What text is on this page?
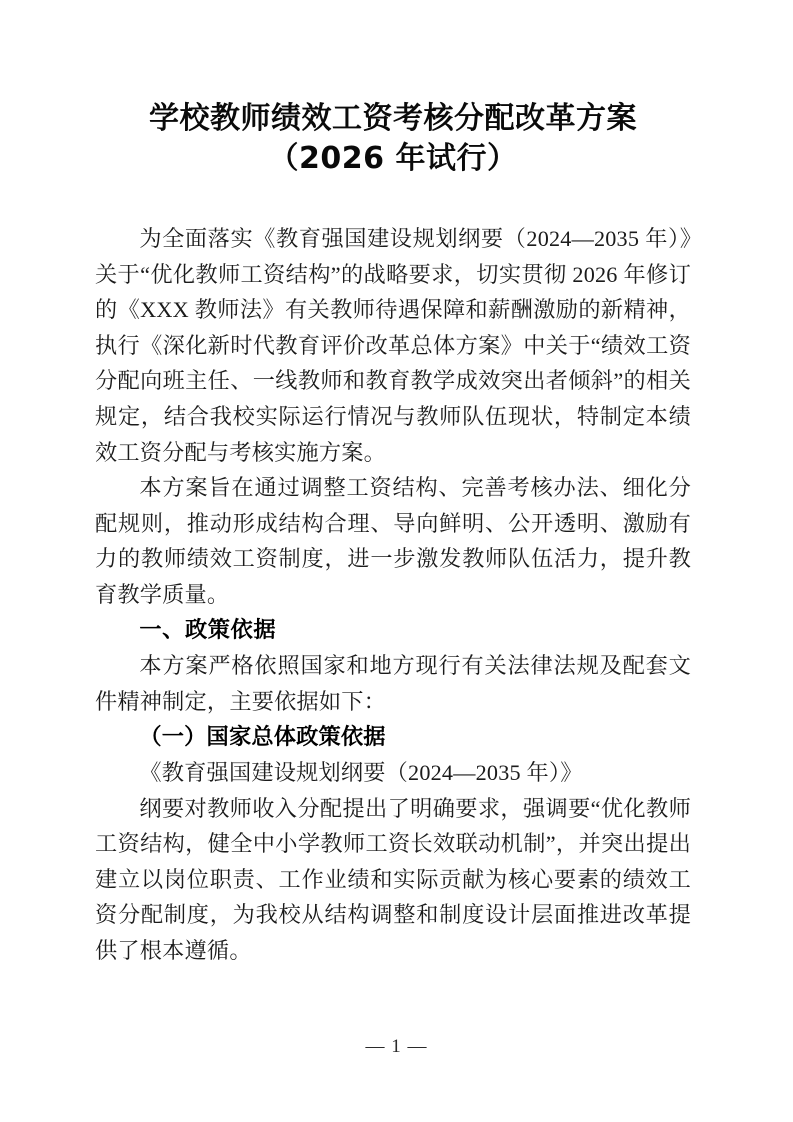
学校教师绩效工资考核分配改革方案
（2026 年试行）

为全面落实《教育强国建设规划纲要（2024—2035 年）》关于“优化教师工资结构”的战略要求，切实贯彻 2026 年修订的《XXX 教师法》有关教师待遇保障和薪酬激励的新精神，执行《深化新时代教育评价改革总体方案》中关于“绩效工资分配向班主任、一线教师和教育教学成效突出者倾斜”的相关规定，结合我校实际运行情况与教师队伍现状，特制定本绩效工资分配与考核实施方案。

本方案旨在通过调整工资结构、完善考核办法、细化分配规则，推动形成结构合理、导向鲜明、公开透明、激励有力的教师绩效工资制度，进一步激发教师队伍活力，提升教育教学质量。

一、政策依据

本方案严格依照国家和地方现行有关法律法规及配套文件精神制定，主要依据如下：

（一）国家总体政策依据

《教育强国建设规划纲要（2024—2035 年）》

纲要对教师收入分配提出了明确要求，强调要“优化教师工资结构，健全中小学教师工资长效联动机制”，并突出提出建立以岗位职责、工作业绩和实际贡献为核心要素的绩效工资分配制度，为我校从结构调整和制度设计层面推进改革提供了根本遵循。

— 1 —
